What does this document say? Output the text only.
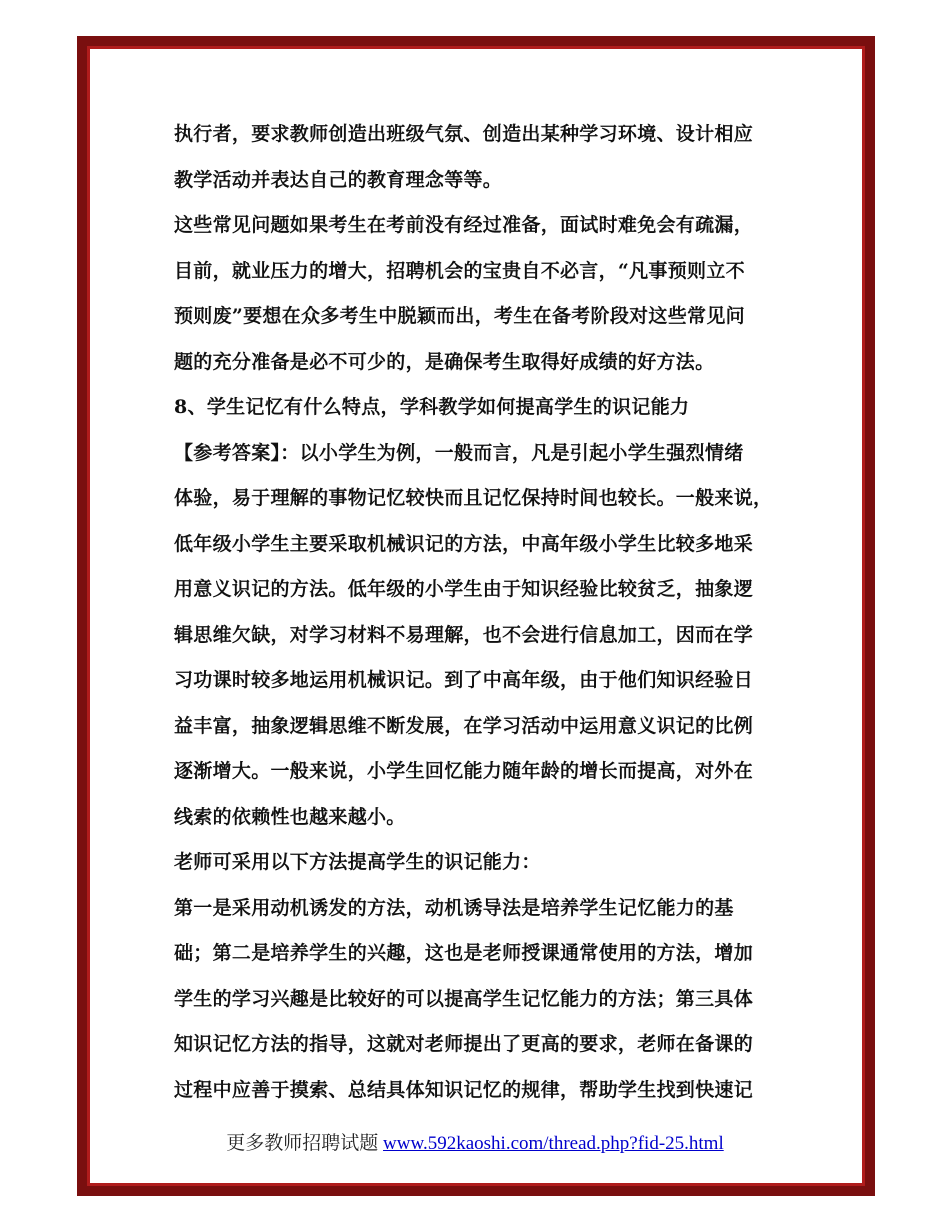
执行者，要求教师创造出班级气氛、创造出某种学习环境、设计相应
教学活动并表达自己的教育理念等等。

这些常见问题如果考生在考前没有经过准备，面试时难免会有疏漏，
目前，就业压力的增大，招聘机会的宝贵自不必言，“凡事预则立不
预则废”要想在众多考生中脱颖而出，考生在备考阶段对这些常见问
题的充分准备是必不可少的，是确保考生取得好成绩的好方法。

8、学生记忆有什么特点，学科教学如何提高学生的识记能力

【参考答案】：以小学生为例，一般而言，凡是引起小学生强烈情绪
体验，易于理解的事物记忆较快而且记忆保持时间也较长。一般来说，
低年级小学生主要采取机械识记的方法，中高年级小学生比较多地采
用意义识记的方法。低年级的小学生由于知识经验比较贫乏，抽象逻
辑思维欠缺，对学习材料不易理解，也不会进行信息加工，因而在学
习功课时较多地运用机械识记。到了中高年级，由于他们知识经验日
益丰富，抽象逻辑思维不断发展，在学习活动中运用意义识记的比例
逐渐增大。一般来说，小学生回忆能力随年龄的增长而提高，对外在
线索的依赖性也越来越小。

老师可采用以下方法提高学生的识记能力：

第一是采用动机诱发的方法，动机诱导法是培养学生记忆能力的基
础；第二是培养学生的兴趣，这也是老师授课通常使用的方法，增加
学生的学习兴趣是比较好的可以提高学生记忆能力的方法；第三具体
知识记忆方法的指导，这就对老师提出了更高的要求，老师在备课的
过程中应善于摸索、总结具体知识记忆的规律，帮助学生找到快速记

更多教师招聘试题 www.592kaoshi.com/thread.php?fid-25.html
